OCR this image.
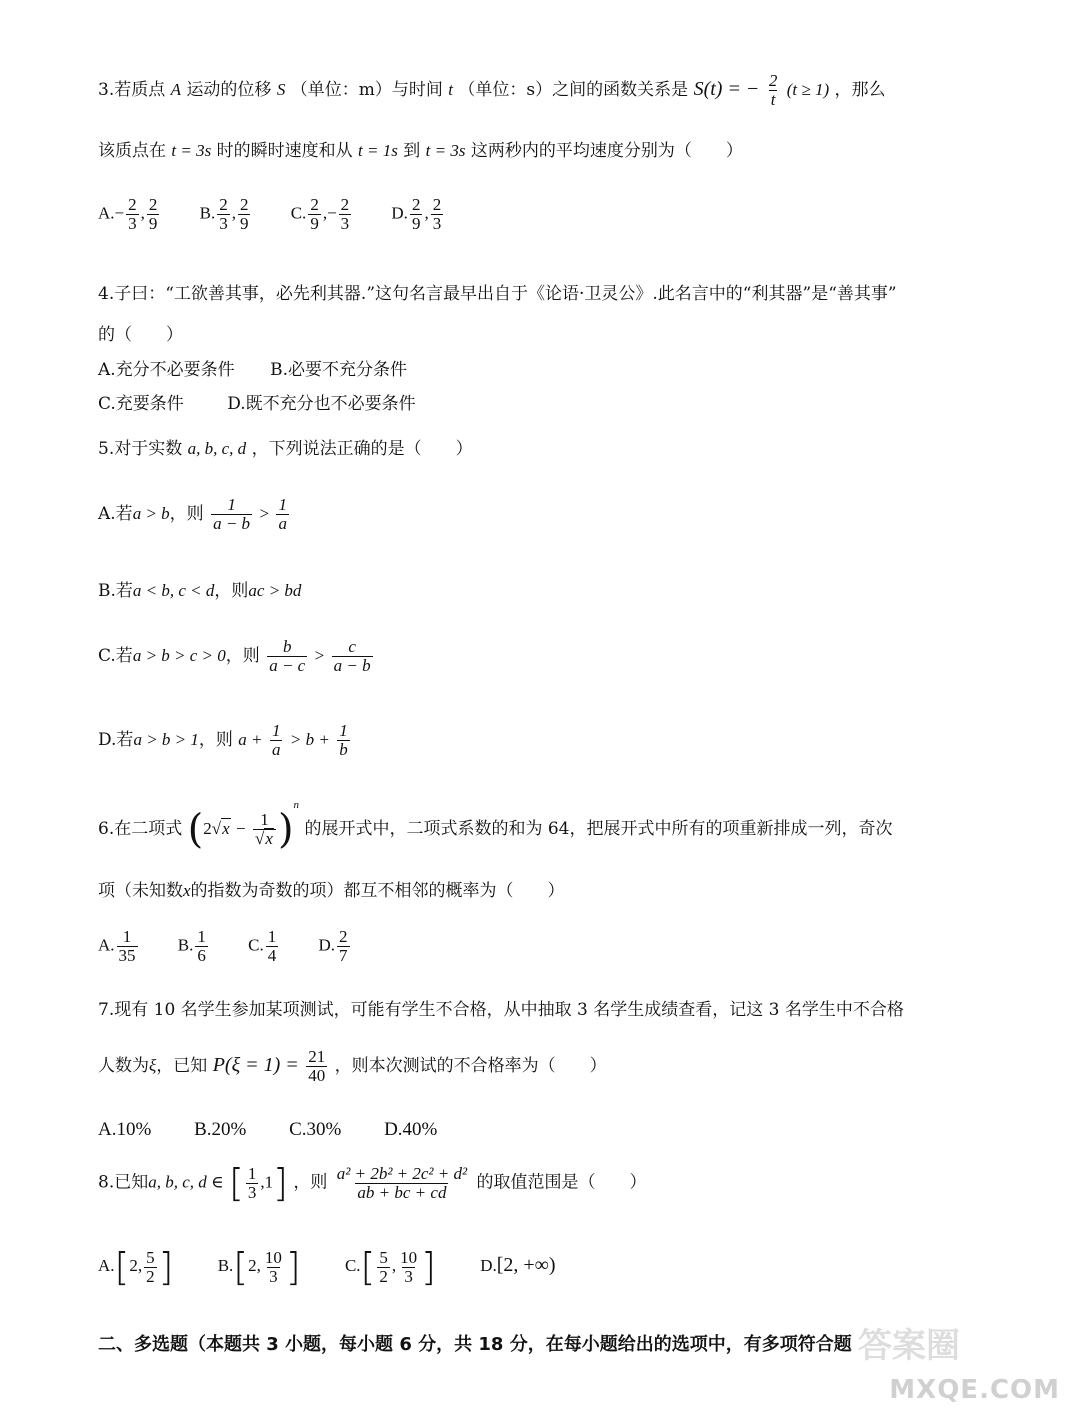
3.若质点 A 运动的位移 S （单位：m）与时间 t （单位：s）之间的函数关系是 S(t) = − $\frac{2}{t} (t \ge 1)$ ，那么
该质点在 t = 3s 时的瞬时速度和从 t = 1s 到 t = 3s 这两秒内的平均速度分别为（　　）
$A.- \frac{2}{3}$ , $\frac{2}{9} B$. $\frac{2}{3}$ , $\frac{2}{9} C$. $\frac{2}{9}$ ,− $\frac{2}{3} D$. $\frac{2}{9}$ , $\frac{2}{3}$
4.子曰：“工欲善其事，必先利其器.”这句名言最早出自于《论语·卫灵公》.此名言中的“利其器”是“善其事”
的（　　）
A.充分不必要条件 B.必要不充分条件
C.充要条件	D.既不充分也不必要条件
5.对于实数 a, b, c, d ，下列说法正确的是（　　）
A.若a > b，则 $\frac{1}{a - b} > \frac{1}{a}$
B.若a < b, c < d，则ac > bd
C.若a > b > c > 0，则 $\frac{b}{a - c} > \frac{c}{a - b}$
D.若a > b > 1，则 $a + \frac{1}{a} > b + \frac{1}{b}$
6.在二项式 $(2√x - \frac{1}{√x} )^n$ 的展开式中，二项式系数的和为 64，把展开式中所有的项重新排成一列，奇次
项（未知数x的指数为奇数的项）都互不相邻的概率为（　　）
A. $\frac{1}{35} B$. $\frac{1}{6} C$. $\frac{1}{4} D$. $\frac{2}{7}$
7.现有 10 名学生参加某项测试，可能有学生不合格，从中抽取 3 名学生成绩查看，记这 3 名学生中不合格
人数为ξ，已知 $P(\xi = 1) = \frac{21}{40}$ ，则本次测试的不合格率为（　　）
A.10% B.20% C.30% D.40%
8.已知a, b, c, d ∈ [ $\frac{1}{3} ,1$] ，则 $\frac{\text{a² + 2b² + 2c² + d²}}{ab + bc + cd}$ 的取值范围是（　　）
A.[2, $\frac{5}{2}$ ]	B.[2, $\frac{10}{3}$ ]	$C.[ \frac{5}{2}$ , $\frac{10}{3}$ ]	D.[2, +∞)
二、多选题（本题共 3 小题，每小题 6 分，共 18 分，在每小题给出的选项中，有多项符合题 答案圈
MXQE.COM
